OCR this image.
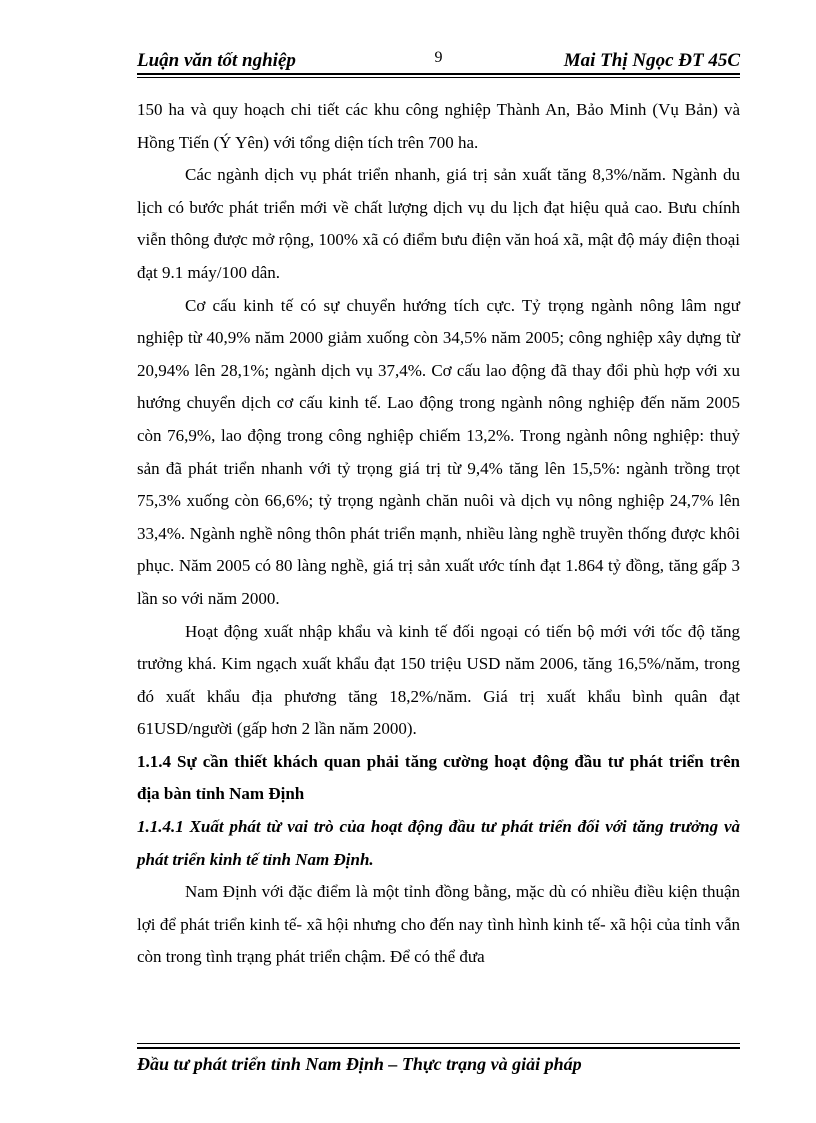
Luận văn tốt nghiệp	9	Mai Thị Ngọc ĐT 45C

150 ha và quy hoạch chi tiết các khu công nghiệp Thành An, Bảo Minh (Vụ Bản) và Hồng Tiến (Ý Yên) với tổng diện tích trên 700 ha.

Các ngành dịch vụ phát triển nhanh, giá trị sản xuất tăng 8,3%/năm. Ngành du lịch có bước phát triển mới về chất lượng dịch vụ du lịch đạt hiệu quả cao. Bưu chính viễn thông được mở rộng, 100% xã có điểm bưu điện văn hoá xã, mật độ máy điện thoại đạt 9.1 máy/100 dân.

Cơ cấu kinh tế có sự chuyển hướng tích cực. Tỷ trọng ngành nông lâm ngư nghiệp từ 40,9% năm 2000 giảm xuống còn 34,5% năm 2005; công nghiệp xây dựng từ 20,94% lên 28,1%; ngành dịch vụ 37,4%. Cơ cấu lao động đã thay đổi phù hợp với xu hướng chuyển dịch cơ cấu kinh tế. Lao động trong ngành nông nghiệp đến năm 2005 còn 76,9%, lao động trong công nghiệp chiếm 13,2%. Trong ngành nông nghiệp: thuỷ sản đã phát triển nhanh với tỷ trọng giá trị từ 9,4% tăng lên 15,5%: ngành trồng trọt 75,3% xuống còn 66,6%; tỷ trọng ngành chăn nuôi và dịch vụ nông nghiệp 24,7% lên 33,4%. Ngành nghề nông thôn phát triển mạnh, nhiều làng nghề truyền thống được khôi phục. Năm 2005 có 80 làng nghề, giá trị sản xuất ước tính đạt 1.864 tỷ đồng, tăng gấp 3 lần so với năm 2000.

Hoạt động xuất nhập khẩu và kinh tế đối ngoại có tiến bộ mới với tốc độ tăng trưởng khá. Kim ngạch xuất khẩu đạt 150 triệu USD năm 2006, tăng 16,5%/năm, trong đó xuất khẩu địa phương tăng 18,2%/năm. Giá trị xuất khẩu bình quân đạt 61USD/người (gấp hơn 2 lần năm 2000).

1.1.4 Sự cần thiết khách quan phải tăng cường hoạt động đầu tư phát triển trên địa bàn tỉnh Nam Định
1.1.4.1 Xuất phát từ vai trò của hoạt động đầu tư phát triển đối với tăng trưởng và phát triển kinh tế tỉnh Nam Định.

Nam Định với đặc điểm là một tỉnh đồng bằng, mặc dù có nhiều điều kiện thuận lợi để phát triển kinh tế- xã hội nhưng cho đến nay tình hình kinh tế- xã hội của tỉnh vẫn còn trong tình trạng phát triển chậm. Để có thể đưa

Đầu tư phát triển tỉnh Nam Định – Thực trạng và giải pháp
